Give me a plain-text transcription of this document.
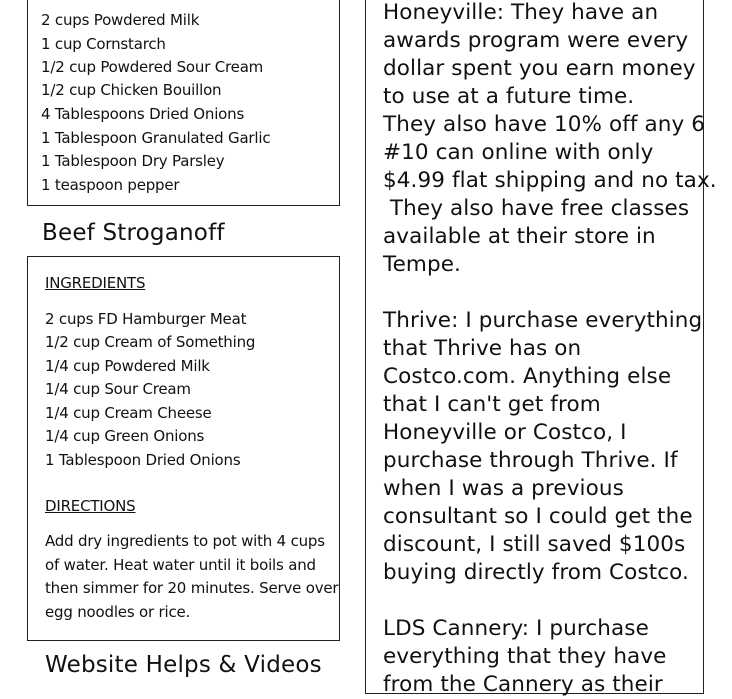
2 cups Powdered Milk
1 cup Cornstarch
1/2 cup Powdered Sour Cream
1/2 cup Chicken Bouillon
4 Tablespoons Dried Onions
1 Tablespoon Granulated Garlic
1 Tablespoon Dry Parsley
1 teaspoon pepper
Beef Stroganoff
INGREDIENTS
2 cups FD Hamburger Meat
1/2 cup Cream of Something
1/4 cup Powdered Milk
1/4 cup Sour Cream
1/4 cup Cream Cheese
1/4 cup Green Onions
1 Tablespoon Dried Onions
DIRECTIONS
Add dry ingredients to pot with 4 cups
of water. Heat water until it boils and
then simmer for 20 minutes. Serve over
egg noodles or rice.
Website Helps & Videos
Honeyville: They have an
awards program were every
dollar spent you earn money
to use at a future time.
They also have 10% off any 6
#10 can online with only
$4.99 flat shipping and no tax.
They also have free classes
available at their store in
Tempe.
Thrive: I purchase everything
that Thrive has on
Costco.com. Anything else
that I can't get from
Honeyville or Costco, I
purchase through Thrive. If
when I was a previous
consultant so I could get the
discount, I still saved $100s
buying directly from Costco.
LDS Cannery: I purchase
everything that they have
from the Cannery as their
